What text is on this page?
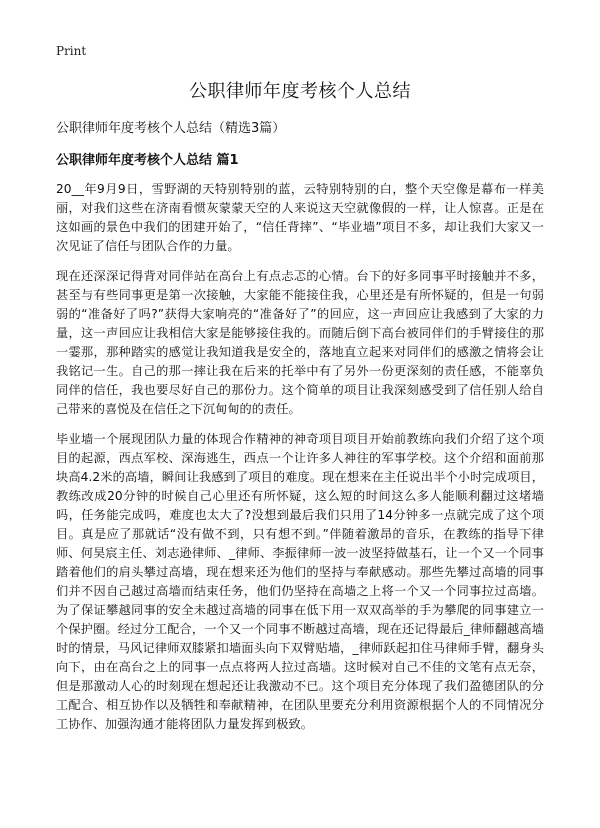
Print
公职律师年度考核个人总结

公职律师年度考核个人总结（精选3篇）

公职律师年度考核个人总结 篇1

20__年9月9日，雪野湖的天特别特别的蓝，云特别特别的白，整个天空像是幕布一样美丽，对我们这些在济南看惯灰蒙蒙天空的人来说这天空就像假的一样，让人惊喜。正是在这如画的景色中我们的团建开始了，“信任背摔”、“毕业墙”项目不多，却让我们大家又一次见证了信任与团队合作的力量。

现在还深深记得背对同伴站在高台上有点忐忑的心情。台下的好多同事平时接触并不多，甚至与有些同事更是第一次接触，大家能不能接住我，心里还是有所怀疑的，但是一句弱弱的“准备好了吗?”获得大家响亮的“准备好了”的回应，这一声回应让我感到了大家的力量，这一声回应让我相信大家是能够接住我的。而随后倒下高台被同伴们的手臂接住的那一霎那，那种踏实的感觉让我知道我是安全的，落地直立起来对同伴们的感激之情将会让我铭记一生。自己的那一摔让我在后来的托举中有了另外一份更深刻的责任感，不能辜负同伴的信任，我也要尽好自己的那份力。这个简单的项目让我深刻感受到了信任别人给自己带来的喜悦及在信任之下沉甸甸的的责任。

毕业墙一个展现团队力量的体现合作精神的神奇项目项目开始前教练向我们介绍了这个项目的起源，西点军校、深海逃生，西点一个让许多人神往的军事学校。这个介绍和面前那块高4.2米的高墙，瞬间让我感到了项目的难度。现在想来在主任说出半个小时完成项目，教练改成20分钟的时候自己心里还有所怀疑，这么短的时间这么多人能顺利翻过这堵墙吗，任务能完成吗，难度也太大了?没想到最后我们只用了14分钟多一点就完成了这个项目。真是应了那就话“没有做不到，只有想不到。”伴随着激昂的音乐，在教练的指导下律师、何昊宸主任、刘志逊律师、_律师、李振律师一波一波坚持做基石，让一个又一个同事踏着他们的肩头攀过高墙，现在想来还为他们的坚持与奉献感动。那些先攀过高墙的同事们并不因自己越过高墙而结束任务，他们仍坚持在高墙之上将一个又一个同事拉过高墙。为了保证攀越同事的安全未越过高墙的同事在低下用一双双高举的手为攀爬的同事建立一个保护圈。经过分工配合，一个又一个同事不断越过高墙，现在还记得最后_律师翻越高墙时的情景，马风记律师双膝紧扣墙面头向下双臂贴墙，_律师跃起扣住马律师手臂，翻身头向下，由在高台之上的同事一点点将两人拉过高墙。这时候对自己不佳的文笔有点无奈，但是那激动人心的时刻现在想起还让我激动不已。这个项目充分体现了我们盈德团队的分工配合、相互协作以及牺牲和奉献精神，在团队里要充分利用资源根据个人的不同情况分工协作、加强沟通才能将团队力量发挥到极致。
